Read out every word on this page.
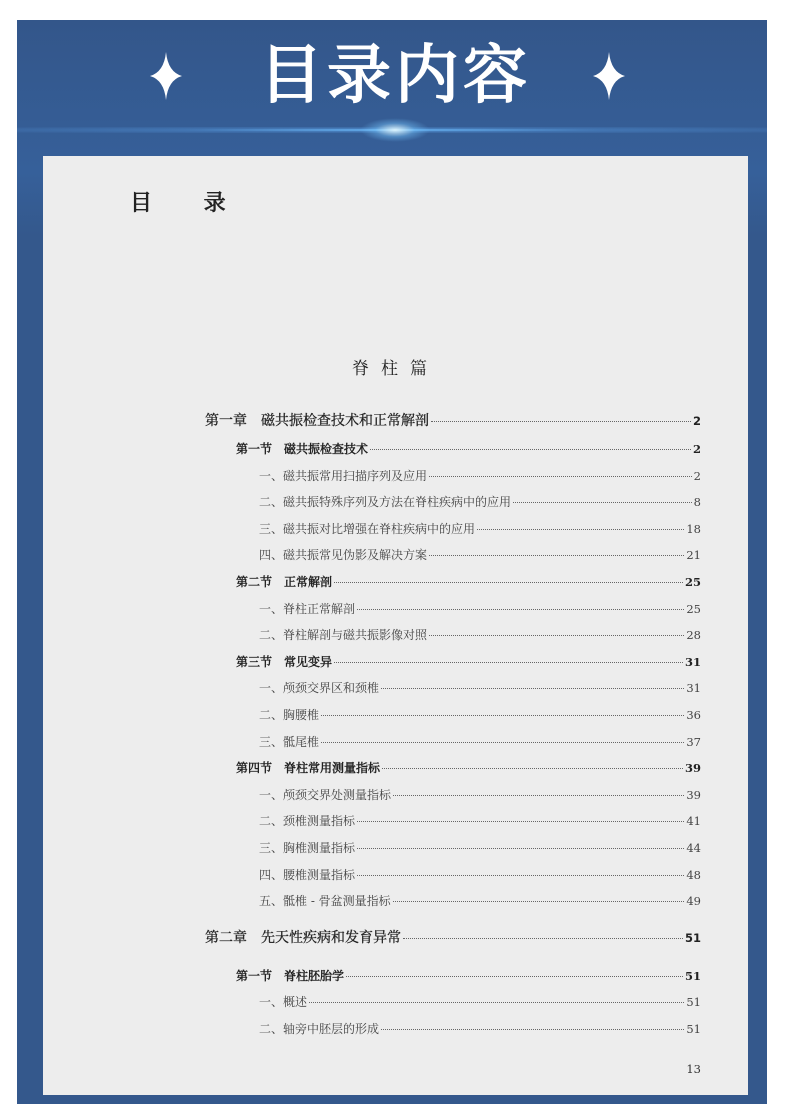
目录内容
目 录
脊柱篇
第一章　磁共振检查技术和正常解剖	2
第一节　磁共振检查技术	2
一、磁共振常用扫描序列及应用	2
二、磁共振特殊序列及方法在脊柱疾病中的应用	8
三、磁共振对比增强在脊柱疾病中的应用	18
四、磁共振常见伪影及解决方案	21
第二节　正常解剖	25
一、脊柱正常解剖	25
二、脊柱解剖与磁共振影像对照	28
第三节　常见变异	31
一、颅颈交界区和颈椎	31
二、胸腰椎	36
三、骶尾椎	37
第四节　脊柱常用测量指标	39
一、颅颈交界处测量指标	39
二、颈椎测量指标	41
三、胸椎测量指标	44
四、腰椎测量指标	48
五、骶椎 - 骨盆测量指标	49
第二章　先天性疾病和发育异常	51
第一节　脊柱胚胎学	51
一、概述	51
二、轴旁中胚层的形成	51
13
